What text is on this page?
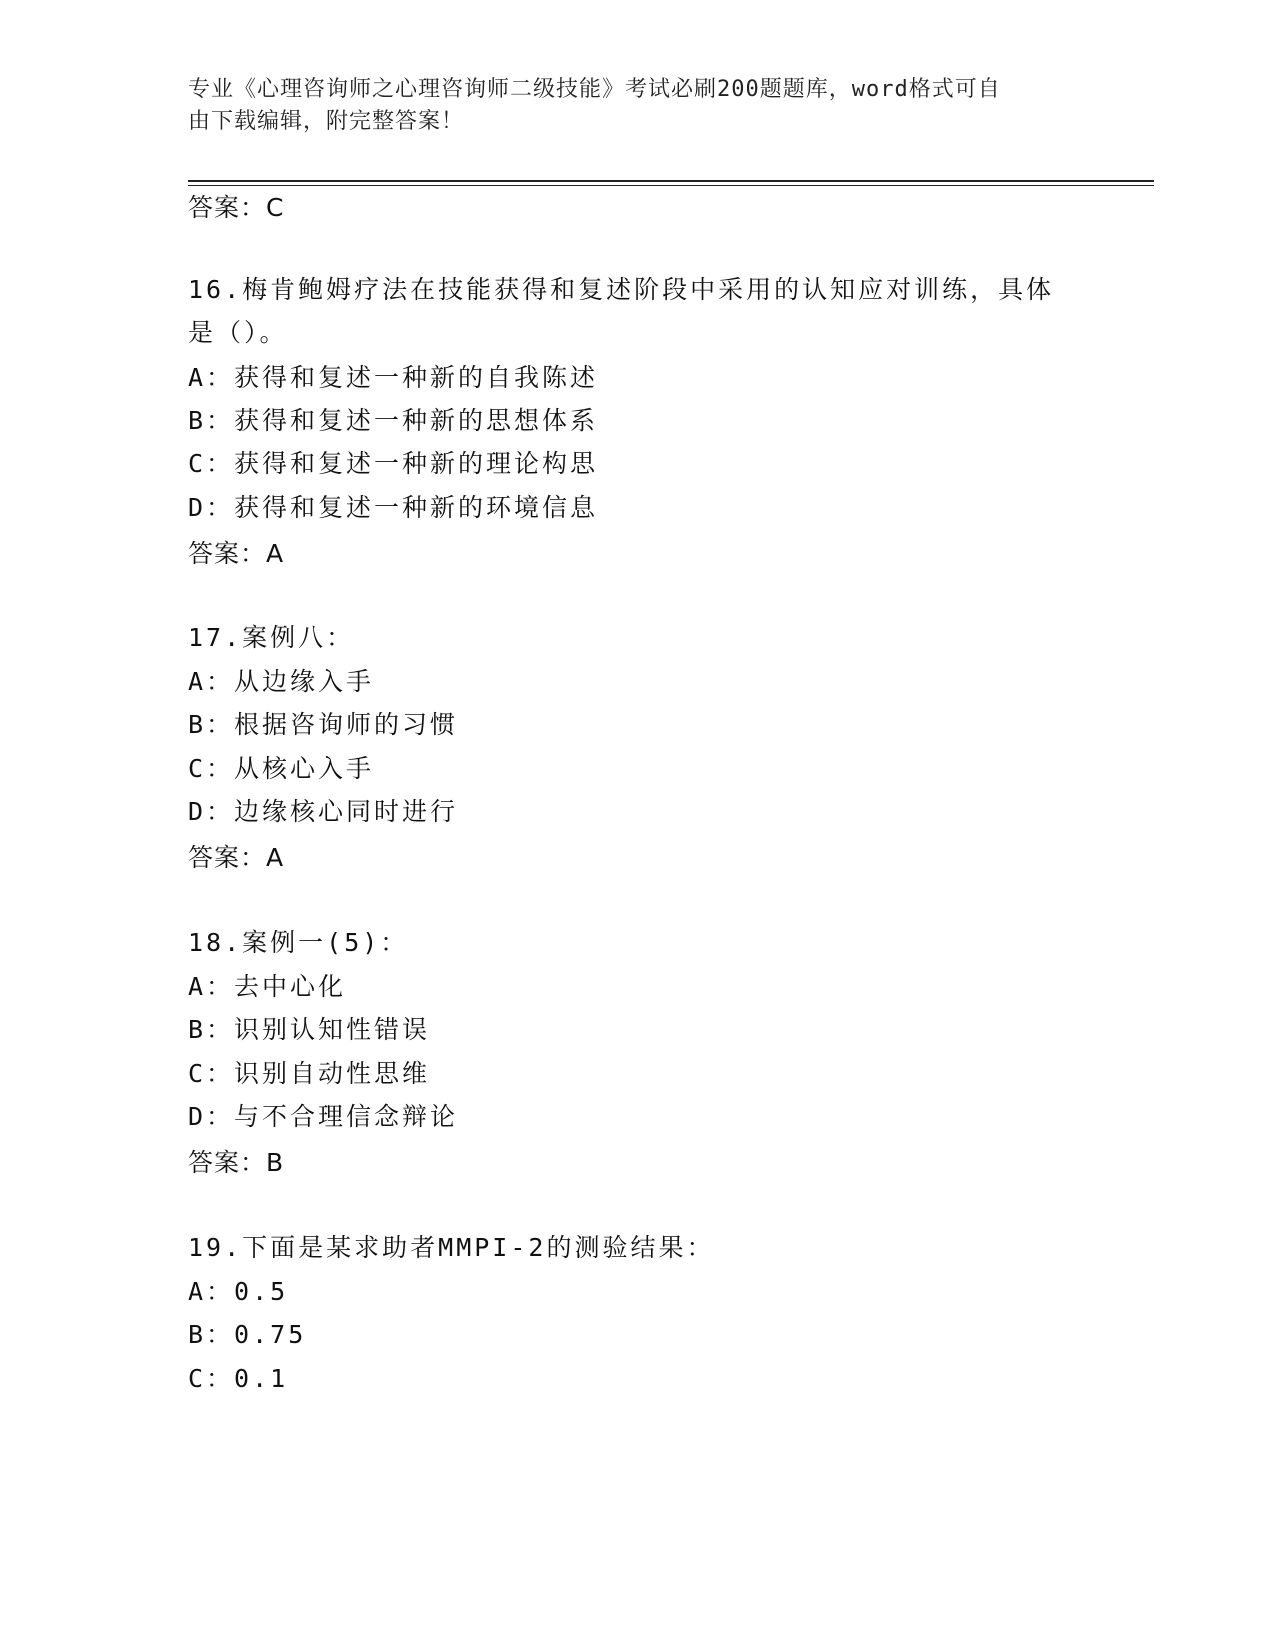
专业《心理咨询师之心理咨询师二级技能》考试必刷200题题库，word格式可自
由下载编辑，附完整答案！
答案：C
16.梅肯鲍姆疗法在技能获得和复述阶段中采用的认知应对训练，具体
是（）。
A：获得和复述一种新的自我陈述
B：获得和复述一种新的思想体系
C：获得和复述一种新的理论构思
D：获得和复述一种新的环境信息
答案：A
17.案例八：
A：从边缘入手
B：根据咨询师的习惯
C：从核心入手
D：边缘核心同时进行
答案：A
18.案例一(5)：
A：去中心化
B：识别认知性错误
C：识别自动性思维
D：与不合理信念辩论
答案：B
19.下面是某求助者MMPI-2的测验结果：
A：0.5
B：0.75
C：0.1
